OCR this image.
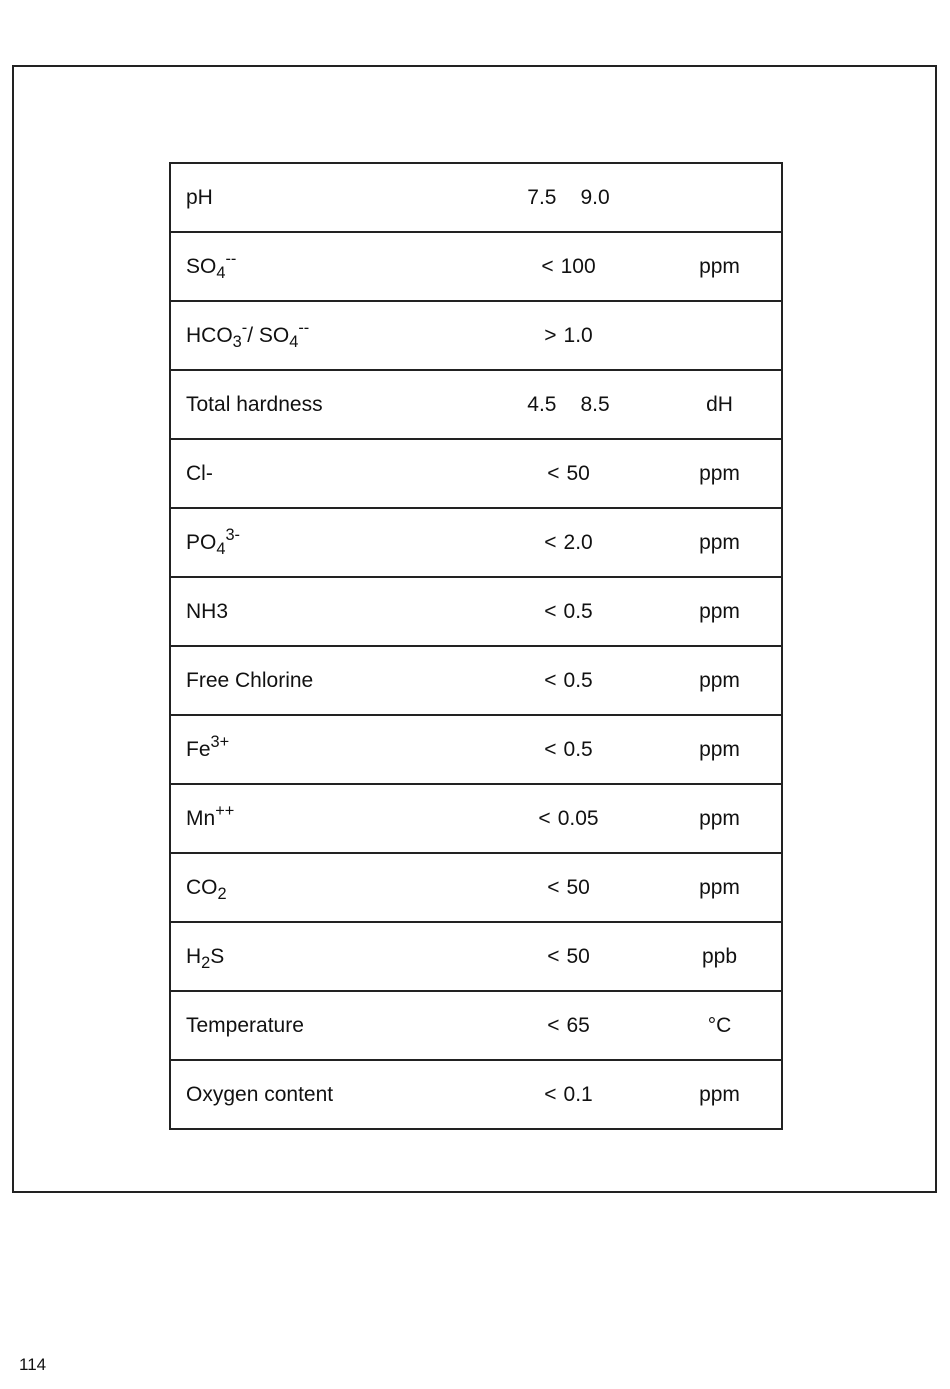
pH	7.5 9.0	
$SO_4^{--}$	< 100	ppm
$HCO_3^-/$ $SO_4^{--}$	> 1.0	
Total hardness	4.5 8.5	dH
Cl-	< 50	ppm
$PO_4^{3-}$	< 2.0	ppm
NH3	< 0.5	ppm
Free Chlorine	< 0.5	ppm
$Fe^{3+}$	< 0.5	ppm
Mn++	< 0.05	ppm
$CO_2$	< 50	ppm
$H_2S$	< 50	ppb
Temperature	< 65	°C
Oxygen content	< 0.1	ppm
114
